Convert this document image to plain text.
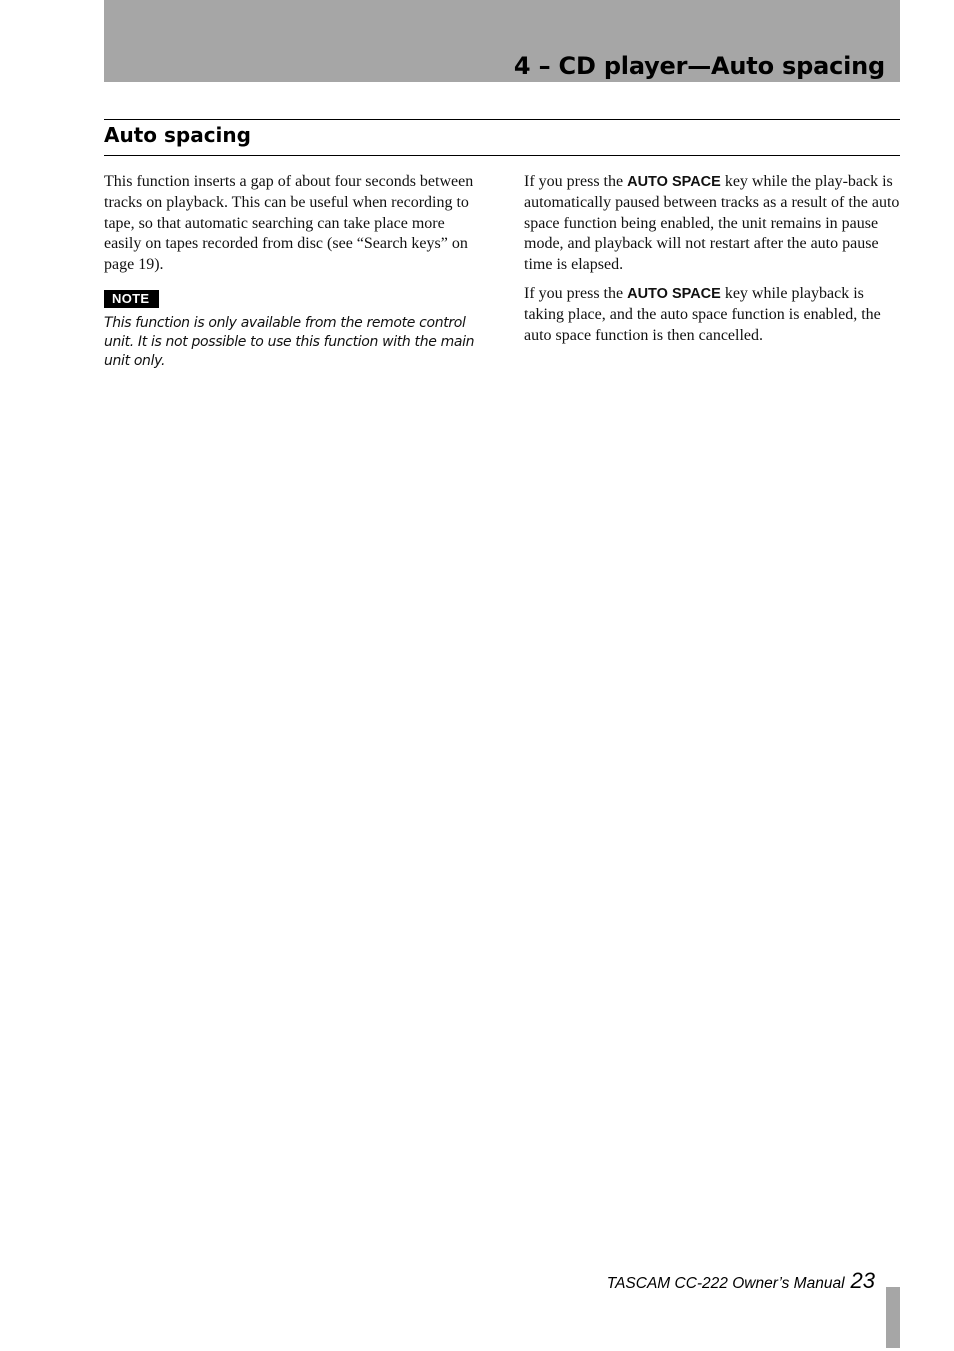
4 – CD player—Auto spacing
Auto spacing

This function inserts a gap of about four seconds between tracks on playback. This can be useful when recording to tape, so that automatic searching can take place more easily on tapes recorded from disc (see “Search keys” on page 19).

NOTE

This function is only available from the remote control unit. It is not possible to use this function with the main unit only.

If you press the AUTO SPACE key while the play-back is automatically paused between tracks as a result of the auto space function being enabled, the unit remains in pause mode, and playback will not restart after the auto pause time is elapsed.

If you press the AUTO SPACE key while playback is taking place, and the auto space function is enabled, the auto space function is then cancelled.

TASCAM CC-222 Owner’s Manual 23
